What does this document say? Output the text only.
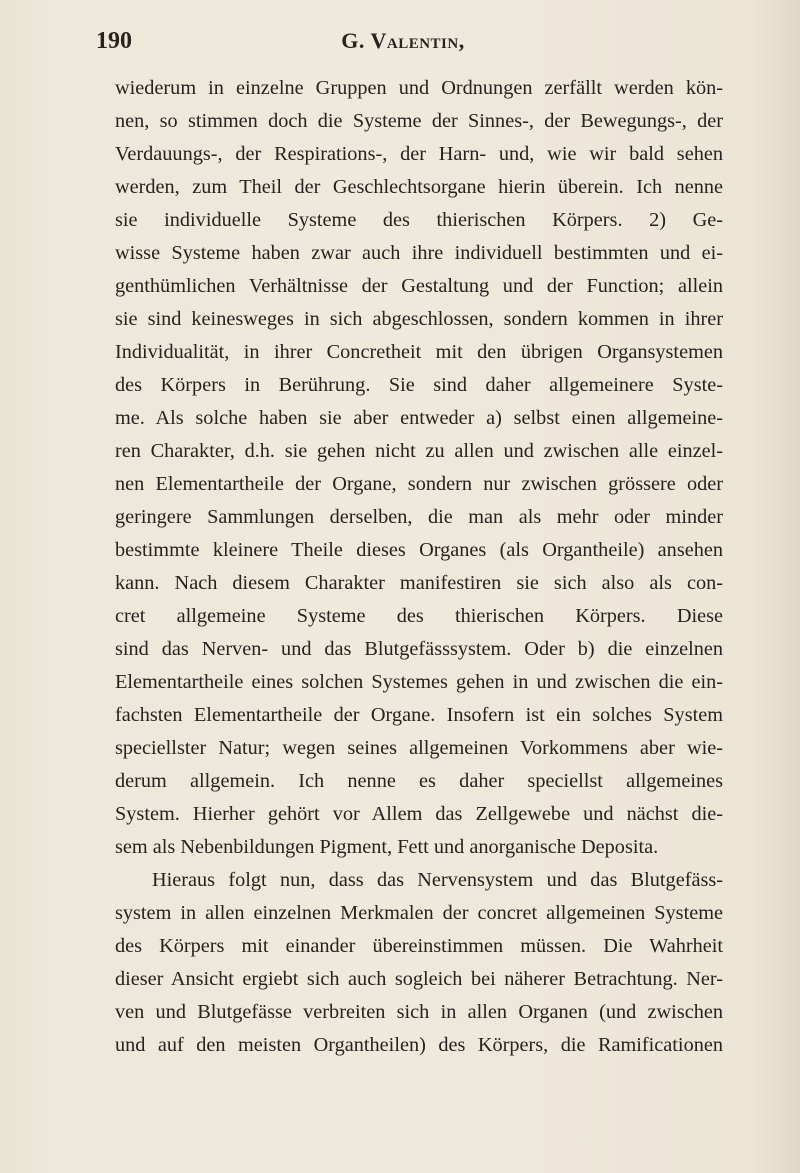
190	G. Valentin,
wiederum in einzelne Gruppen und Ordnungen zerfällt werden kön-
nen, so stimmen doch die Systeme der Sinnes-, der Bewegungs-, der
Verdauungs-, der Respirations-, der Harn- und, wie wir bald sehen
werden, zum Theil der Geschlechtsorgane hierin überein. Ich nenne
sie individuelle Systeme des thierischen Körpers. 2) Ge-
wisse Systeme haben zwar auch ihre individuell bestimmten und ei-
genthümlichen Verhältnisse der Gestaltung und der Function; allein
sie sind keinesweges in sich abgeschlossen, sondern kommen in ihrer
Individualität, in ihrer Concretheit mit den übrigen Organsystemen
des Körpers in Berührung. Sie sind daher allgemeinere Syste-
me. Als solche haben sie aber entweder a) selbst einen allgemeine-
ren Charakter, d.h. sie gehen nicht zu allen und zwischen alle einzel-
nen Elementartheile der Organe, sondern nur zwischen grössere oder
geringere Sammlungen derselben, die man als mehr oder minder
bestimmte kleinere Theile dieses Organes (als Organtheile) ansehen
kann. Nach diesem Charakter manifestiren sie sich also als con-
cret allgemeine Systeme des thierischen Körpers. Diese
sind das Nerven- und das Blutgefässsystem. Oder b) die einzelnen
Elementartheile eines solchen Systemes gehen in und zwischen die ein-
fachsten Elementartheile der Organe. Insofern ist ein solches System
speciellster Natur; wegen seines allgemeinen Vorkommens aber wie-
derum allgemein. Ich nenne es daher speciellst allgemeines
System. Hierher gehört vor Allem das Zellgewebe und nächst die-
sem als Nebenbildungen Pigment, Fett und anorganische Deposita.
Hieraus folgt nun, dass das Nervensystem und das Blutgefäss-
system in allen einzelnen Merkmalen der concret allgemeinen Systeme
des Körpers mit einander übereinstimmen müssen. Die Wahrheit
dieser Ansicht ergiebt sich auch sogleich bei näherer Betrachtung. Ner-
ven und Blutgefässe verbreiten sich in allen Organen (und zwischen
und auf den meisten Organtheilen) des Körpers, die Ramificationen
